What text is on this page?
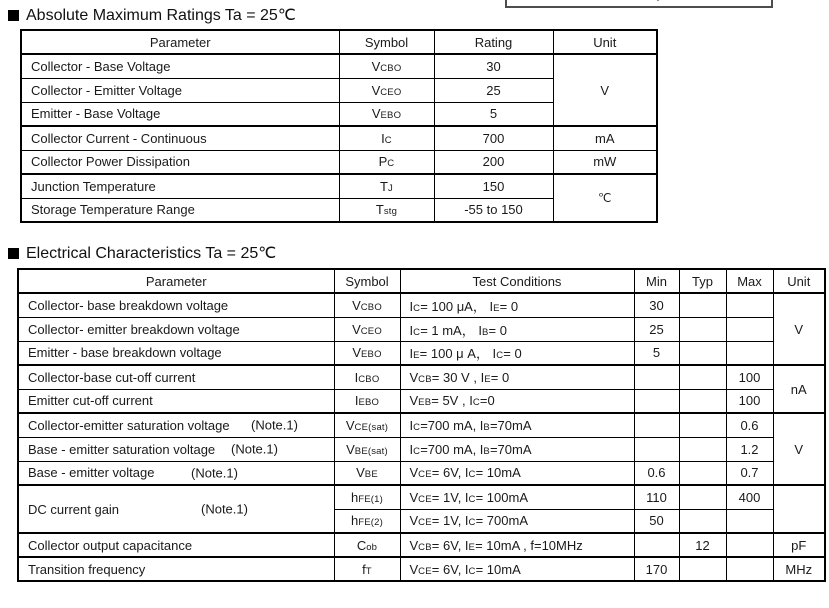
Absolute Maximum Ratings Ta = 25℃
Parameter	Symbol	Rating	Unit
Collector - Base Voltage	VCBO	30	V
Collector - Emitter Voltage	VCEO	25	
Emitter - Base Voltage	VEBO	5	
Collector Current - Continuous	IC	700	mA
Collector Power Dissipation	PC	200	mW
Junction Temperature	TJ	150	℃
Storage Temperature Range	Tstg	-55 to 150	
Electrical Characteristics Ta = 25℃
Parameter	Symbol	Test Conditions	Min	Typ	Max	Unit
Collector- base breakdown voltage	VCBO	IC= 100 μA， IE= 0	30			V
Collector- emitter breakdown voltage	VCEO	IC= 1 mA， IB= 0	25			
Emitter - base breakdown voltage	VEBO	IE= 100 μ A， IC= 0	5			
Collector-base cut-off current	ICBO	VCB= 30 V , IE= 0			100	nA
Emitter cut-off current	IEBO	VEB= 5V , IC=0			100	
Collector-emitter saturation voltage (Note.1)	VCE(sat)	IC=700 mA, IB=70mA			0.6	V
Base - emitter saturation voltage (Note.1)	VBE(sat)	IC=700 mA, IB=70mA			1.2	
Base - emitter voltage (Note.1)	VBE	VCE= 6V, IC= 10mA	0.6		0.7	
DC current gain (Note.1)	hFE(1)	VCE= 1V, IC= 100mA	110		400	
	hFE(2)	VCE= 1V, IC= 700mA	50			
Collector output capacitance	Cob	VCB= 6V, IE= 10mA , f=10MHz		12		pF
Transition frequency	fT	VCE= 6V, IC= 10mA	170			MHz
